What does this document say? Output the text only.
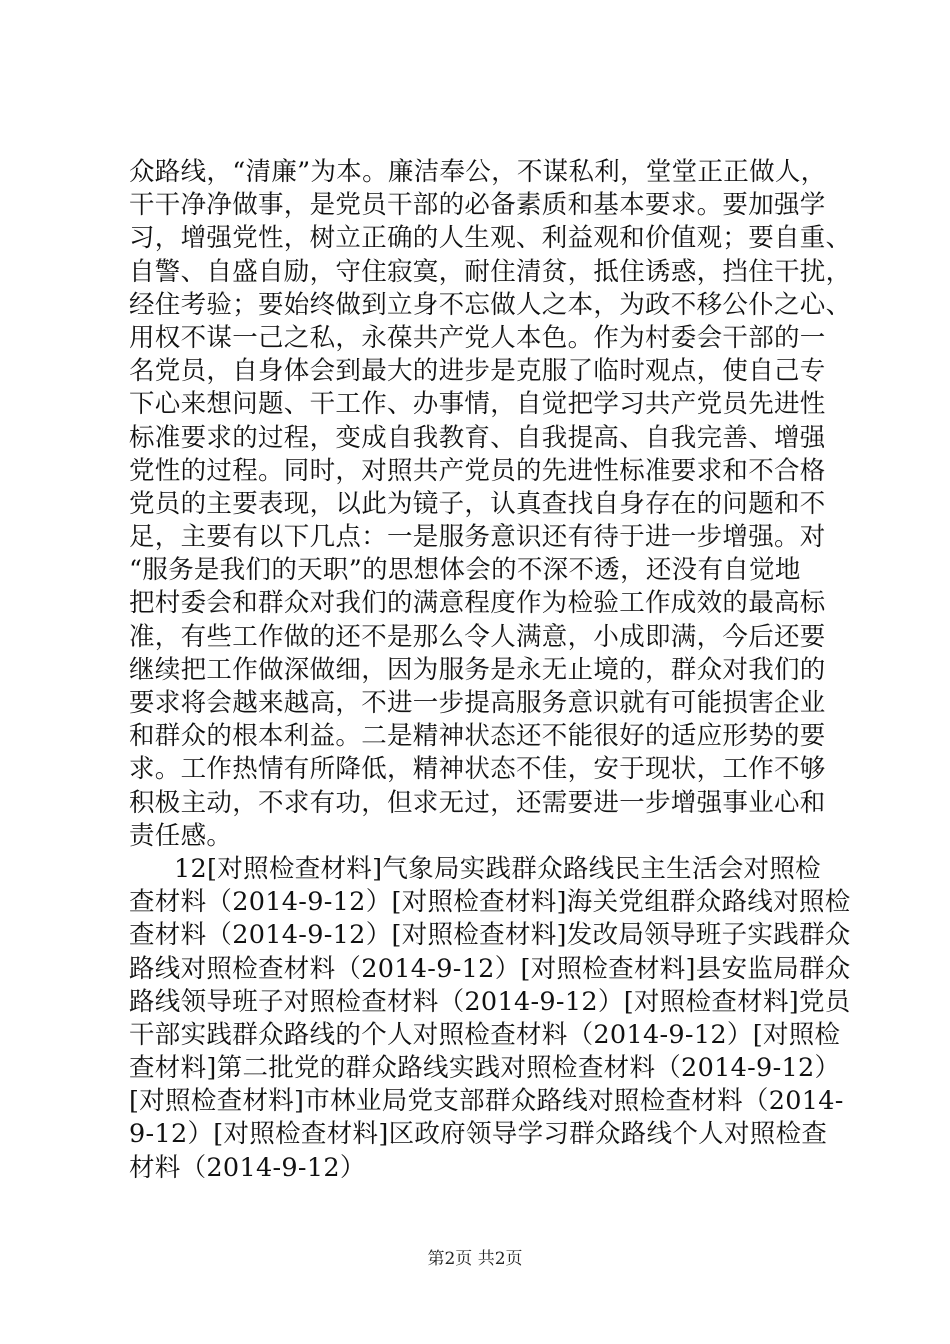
众路线，“清廉”为本。廉洁奉公，不谋私利，堂堂正正做人，
干干净净做事，是党员干部的必备素质和基本要求。要加强学
习，增强党性，树立正确的人生观、利益观和价值观；要自重、
自警、自盛自励，守住寂寞，耐住清贫，抵住诱惑，挡住干扰，
经住考验；要始终做到立身不忘做人之本，为政不移公仆之心、
用权不谋一己之私，永葆共产党人本色。作为村委会干部的一
名党员，自身体会到最大的进步是克服了临时观点，使自己专
下心来想问题、干工作、办事情，自觉把学习共产党员先进性
标准要求的过程，变成自我教育、自我提高、自我完善、增强
党性的过程。同时，对照共产党员的先进性标准要求和不合格
党员的主要表现，以此为镜子，认真查找自身存在的问题和不
足，主要有以下几点：一是服务意识还有待于进一步增强。对
“服务是我们的天职”的思想体会的不深不透，还没有自觉地
把村委会和群众对我们的满意程度作为检验工作成效的最高标
准，有些工作做的还不是那么令人满意，小成即满，今后还要
继续把工作做深做细，因为服务是永无止境的，群众对我们的
要求将会越来越高，不进一步提高服务意识就有可能损害企业
和群众的根本利益。二是精神状态还不能很好的适应形势的要
求。工作热情有所降低，精神状态不佳，安于现状，工作不够
积极主动，不求有功，但求无过，还需要进一步增强事业心和
责任感。
12[对照检查材料]气象局实践群众路线民主生活会对照检
查材料（2014-9-12）[对照检查材料]海关党组群众路线对照检
查材料（2014-9-12）[对照检查材料]发改局领导班子实践群众
路线对照检查材料（2014-9-12）[对照检查材料]县安监局群众
路线领导班子对照检查材料（2014-9-12）[对照检查材料]党员
干部实践群众路线的个人对照检查材料（2014-9-12）[对照检
查材料]第二批党的群众路线实践对照检查材料（2014-9-12）
[对照检查材料]市林业局党支部群众路线对照检查材料（2014-
9-12）[对照检查材料]区政府领导学习群众路线个人对照检查
材料（2014-9-12）
第2页 共2页
